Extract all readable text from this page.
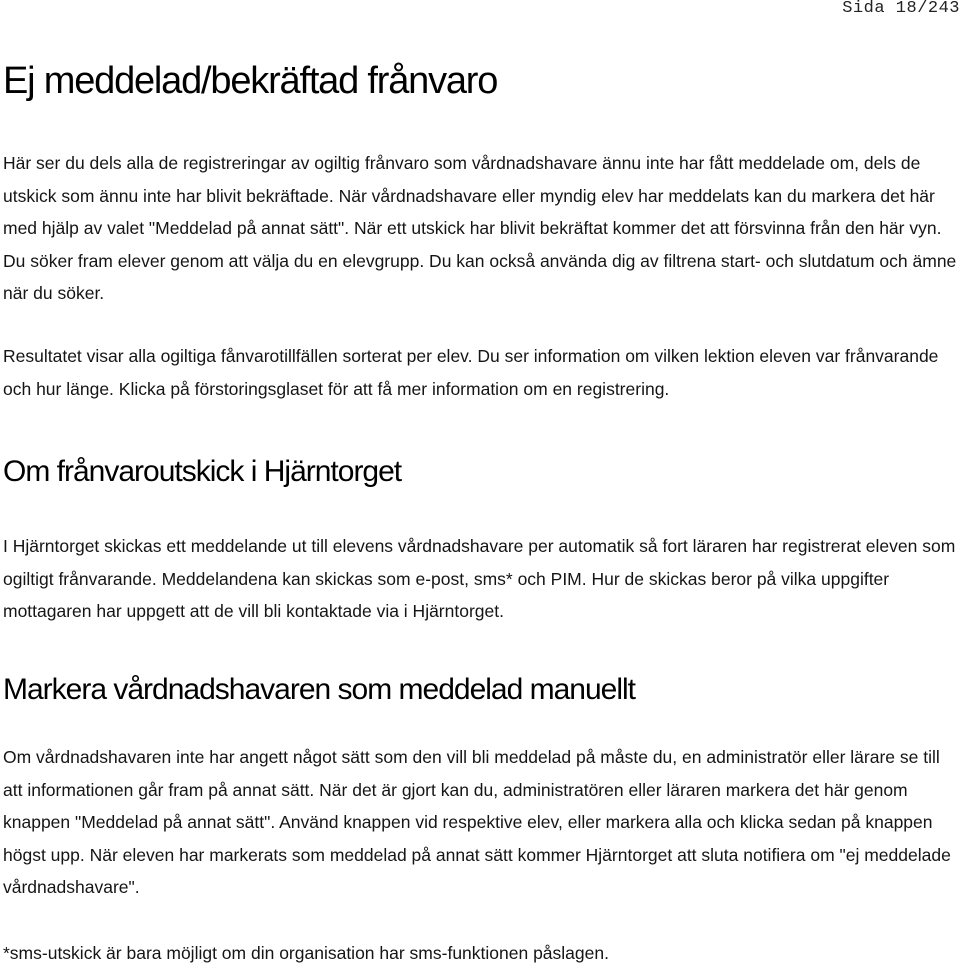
Sida 18/243
Ej meddelad/bekräftad frånvaro

Här ser du dels alla de registreringar av ogiltig frånvaro som vårdnadshavare ännu inte har fått meddelade om, dels de utskick som ännu inte har blivit bekräftade. När vårdnadshavare eller myndig elev har meddelats kan du markera det här med hjälp av valet "Meddelad på annat sätt". När ett utskick har blivit bekräftat kommer det att försvinna från den här vyn. Du söker fram elever genom att välja du en elevgrupp. Du kan också använda dig av filtrena start- och slutdatum och ämne när du söker.

Resultatet visar alla ogiltiga fånvarotillfällen sorterat per elev. Du ser information om vilken lektion eleven var frånvarande och hur länge. Klicka på förstoringsglaset för att få mer information om en registrering.

Om frånvaroutskick i Hjärntorget

I Hjärntorget skickas ett meddelande ut till elevens vårdnadshavare per automatik så fort läraren har registrerat eleven som ogiltigt frånvarande. Meddelandena kan skickas som e-post, sms* och PIM. Hur de skickas beror på vilka uppgifter mottagaren har uppgett att de vill bli kontaktade via i Hjärntorget.

Markera vårdnadshavaren som meddelad manuellt

Om vårdnadshavaren inte har angett något sätt som den vill bli meddelad på måste du, en administratör eller lärare se till att informationen går fram på annat sätt. När det är gjort kan du, administratören eller läraren markera det här genom knappen "Meddelad på annat sätt". Använd knappen vid respektive elev, eller markera alla och klicka sedan på knappen högst upp. När eleven har markerats som meddelad på annat sätt kommer Hjärntorget att sluta notifiera om "ej meddelade vårdnadshavare".

*sms-utskick är bara möjligt om din organisation har sms-funktionen påslagen.
